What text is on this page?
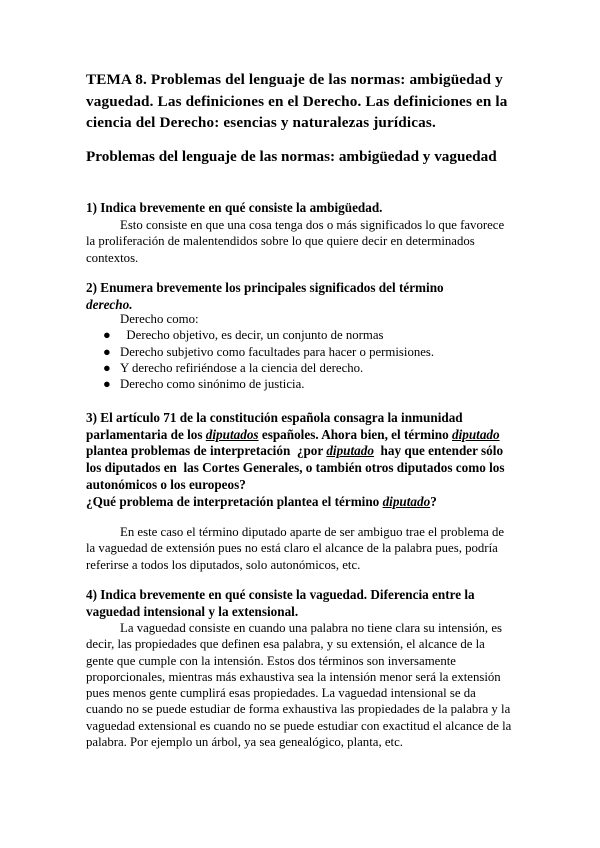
TEMA 8. Problemas del lenguaje de las normas: ambigüedad y vaguedad. Las definiciones en el Derecho. Las definiciones en la ciencia del Derecho: esencias y naturalezas jurídicas.

Problemas del lenguaje de las normas: ambigüedad y vaguedad

1) Indica brevemente en qué consiste la ambigüedad.

Esto consiste en que una cosa tenga dos o más significados lo que favorece la proliferación de malentendidos sobre lo que quiere decir en determinados contextos.

2) Enumera brevemente los principales significados del término derecho.

Derecho como:
● Derecho objetivo, es decir, un conjunto de normas
● Derecho subjetivo como facultades para hacer o permisiones.
● Y derecho refiriéndose a la ciencia del derecho.
● Derecho como sinónimo de justicia.

3) El artículo 71 de la constitución española consagra la inmunidad parlamentaria de los diputados españoles. Ahora bien, el término diputado plantea problemas de interpretación  ¿por diputado  hay que entender sólo los diputados en  las Cortes Generales, o también otros diputados como los autonómicos o los europeos?
¿Qué problema de interpretación plantea el término diputado?

En este caso el término diputado aparte de ser ambiguo trae el problema de la vaguedad de extensión pues no está claro el alcance de la palabra pues, podría referirse a todos los diputados, solo autonómicos, etc.

4) Indica brevemente en qué consiste la vaguedad. Diferencia entre la vaguedad intensional y la extensional.

La vaguedad consiste en cuando una palabra no tiene clara su intensión, es decir, las propiedades que definen esa palabra, y su extensión, el alcance de la gente que cumple con la intensión. Estos dos términos son inversamente proporcionales, mientras más exhaustiva sea la intensión menor será la extensión pues menos gente cumplirá esas propiedades. La vaguedad intensional se da cuando no se puede estudiar de forma exhaustiva las propiedades de la palabra y la vaguedad extensional es cuando no se puede estudiar con exactitud el alcance de la palabra. Por ejemplo un árbol, ya sea genealógico, planta, etc.
